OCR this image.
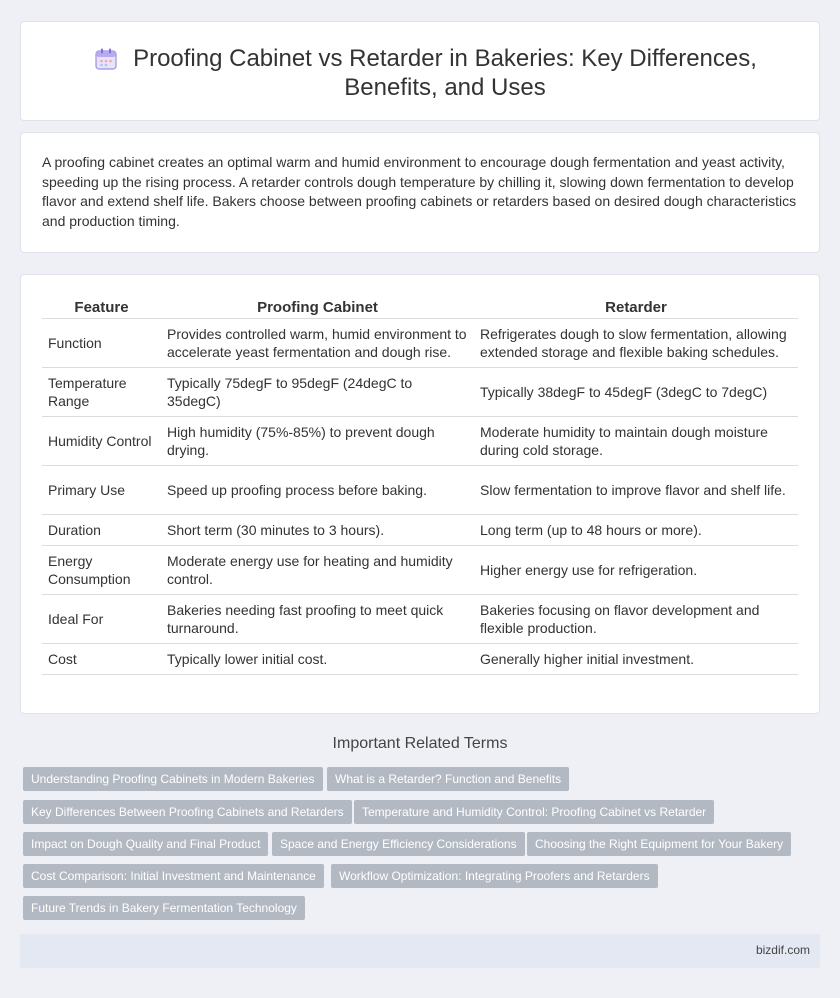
Proofing Cabinet vs Retarder in Bakeries: Key Differences, Benefits, and Uses

A proofing cabinet creates an optimal warm and humid environment to encourage dough fermentation and yeast activity, speeding up the rising process. A retarder controls dough temperature by chilling it, slowing down fermentation to develop flavor and extend shelf life. Bakers choose between proofing cabinets or retarders based on desired dough characteristics and production timing.

Feature	Proofing Cabinet	Retarder
Function	Provides controlled warm, humid environment to accelerate yeast fermentation and dough rise.	Refrigerates dough to slow fermentation, allowing extended storage and flexible baking schedules.
Temperature Range	Typically 75degF to 95degF (24degC to 35degC)	Typically 38degF to 45degF (3degC to 7degC)
Humidity Control	High humidity (75%-85%) to prevent dough drying.	Moderate humidity to maintain dough moisture during cold storage.
Primary Use	Speed up proofing process before baking.	Slow fermentation to improve flavor and shelf life.
Duration	Short term (30 minutes to 3 hours).	Long term (up to 48 hours or more).
Energy Consumption	Moderate energy use for heating and humidity control.	Higher energy use for refrigeration.
Ideal For	Bakeries needing fast proofing to meet quick turnaround.	Bakeries focusing on flavor development and flexible production.
Cost	Typically lower initial cost.	Generally higher initial investment.
Important Related Terms
Understanding Proofing Cabinets in Modern Bakeries	What is a Retarder? Function and Benefits
Key Differences Between Proofing Cabinets and Retarders	Temperature and Humidity Control: Proofing Cabinet vs Retarder
Impact on Dough Quality and Final Product	Space and Energy Efficiency Considerations	Choosing the Right Equipment for Your Bakery
Cost Comparison: Initial Investment and Maintenance	Workflow Optimization: Integrating Proofers and Retarders
Future Trends in Bakery Fermentation Technology
bizdif.com
